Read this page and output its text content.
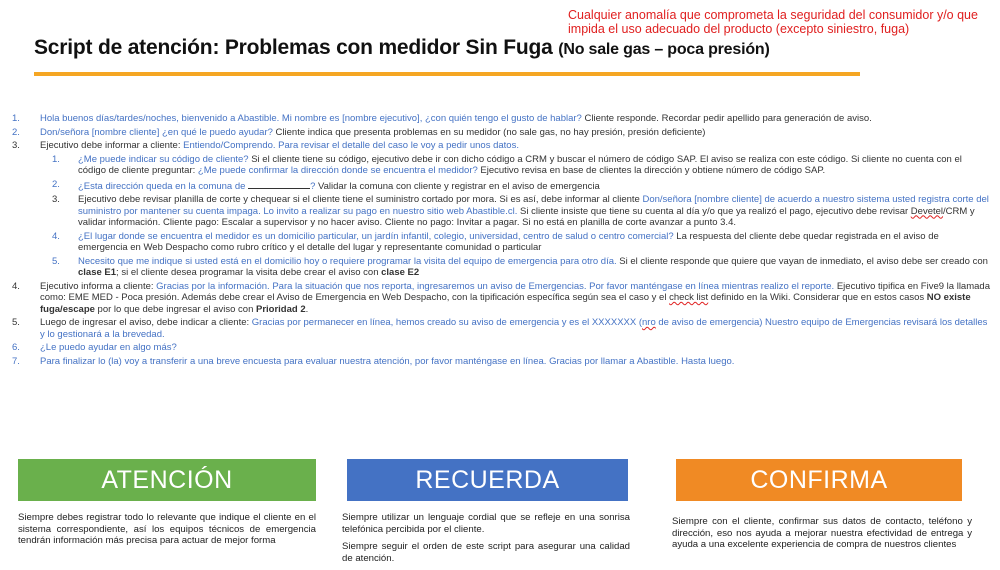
Cualquier anomalía que comprometa la seguridad del consumidor y/o que impida el uso adecuado del producto (excepto siniestro, fuga)
Script de atención: Problemas con medidor Sin Fuga (No sale gas – poca presión)
1. Hola buenos días/tardes/noches, bienvenido a Abastible. Mi nombre es [nombre ejecutivo], ¿con quién tengo el gusto de hablar? Cliente responde. Recordar pedir apellido para generación de aviso.
2. Don/señora [nombre cliente] ¿en qué le puedo ayudar? Cliente indica que presenta problemas en su medidor (no sale gas, no hay presión, presión deficiente)
3. Ejecutivo debe informar a cliente: Entiendo/Comprendo. Para revisar el detalle del caso le voy a pedir unos datos.
1. ¿Me puede indicar su código de cliente? Si el cliente tiene su código, ejecutivo debe ir con dicho código a CRM y buscar el número de código SAP. El aviso se realiza con este código. Si cliente no cuenta con el código de cliente preguntar: ¿Me puede confirmar la dirección donde se encuentra el medidor? Ejecutivo revisa en base de clientes la dirección y obtiene número de código SAP.
2. ¿Esta dirección queda en la comuna de	? Validar la comuna con cliente y registrar en el aviso de emergencia
3. Ejecutivo debe revisar planilla de corte y chequear si el cliente tiene el suministro cortado por mora. Si es así, debe informar al cliente Don/señora [nombre cliente] de acuerdo a nuestro sistema usted registra corte del suministro por mantener su cuenta impaga. Lo invito a realizar su pago en nuestro sitio web Abastible.cl. Si cliente insiste que tiene su cuenta al día y/o que ya realizó el pago, ejecutivo debe revisar Devetel/CRM y validar información. Cliente pago: Escalar a supervisor y no hacer aviso. Cliente no pago: Invitar a pagar. Si no está en planilla de corte avanzar a punto 3.4.
4. ¿El lugar donde se encuentra el medidor es un domicilio particular, un jardín infantil, colegio, universidad, centro de salud o centro comercial? La respuesta del cliente debe quedar registrada en el aviso de emergencia en Web Despacho como rubro crítico y el detalle del lugar y representante comunidad o particular
5. Necesito que me indique si usted está en el domicilio hoy o requiere programar la visita del equipo de emergencia para otro día. Si el cliente responde que quiere que vayan de inmediato, el aviso debe ser creado con clase E1; si el cliente desea programar la visita debe crear el aviso con clase E2
4. Ejecutivo informa a cliente: Gracias por la información. Para la situación que nos reporta, ingresaremos un aviso de Emergencias. Por favor manténgase en línea mientras realizo el reporte. Ejecutivo tipifica en Five9 la llamada como: EME MED - Poca presión. Además debe crear el Aviso de Emergencia en Web Despacho, con la tipificación específica según sea el caso y el check list definido en la Wiki. Considerar que en estos casos NO existe fuga/escape por lo que debe ingresar el aviso con Prioridad 2.
5. Luego de ingresar el aviso, debe indicar a cliente: Gracias por permanecer en línea, hemos creado su aviso de emergencia y es el XXXXXXX (nro de aviso de emergencia) Nuestro equipo de Emergencias revisará los detalles y lo gestionará a la brevedad.
6. ¿Le puedo ayudar en algo más?
7. Para finalizar lo (la) voy a transferir a una breve encuesta para evaluar nuestra atención, por favor manténgase en línea. Gracias por llamar a Abastible. Hasta luego.
ATENCIÓN	RECUERDA	CONFIRMA

Siempre debes registrar todo lo relevante que indique el cliente en el sistema correspondiente, así los equipos técnicos de emergencia tendrán información más precisa para actuar de mejor forma

Siempre utilizar un lenguaje cordial que se refleje en una sonrisa telefónica percibida por el cliente.

Siempre seguir el orden de este script para asegurar una calidad de atención.

Siempre con el cliente, confirmar sus datos de contacto, teléfono y dirección, eso nos ayuda a mejorar nuestra efectividad de entrega y ayuda a una excelente experiencia de compra de nuestros clientes
